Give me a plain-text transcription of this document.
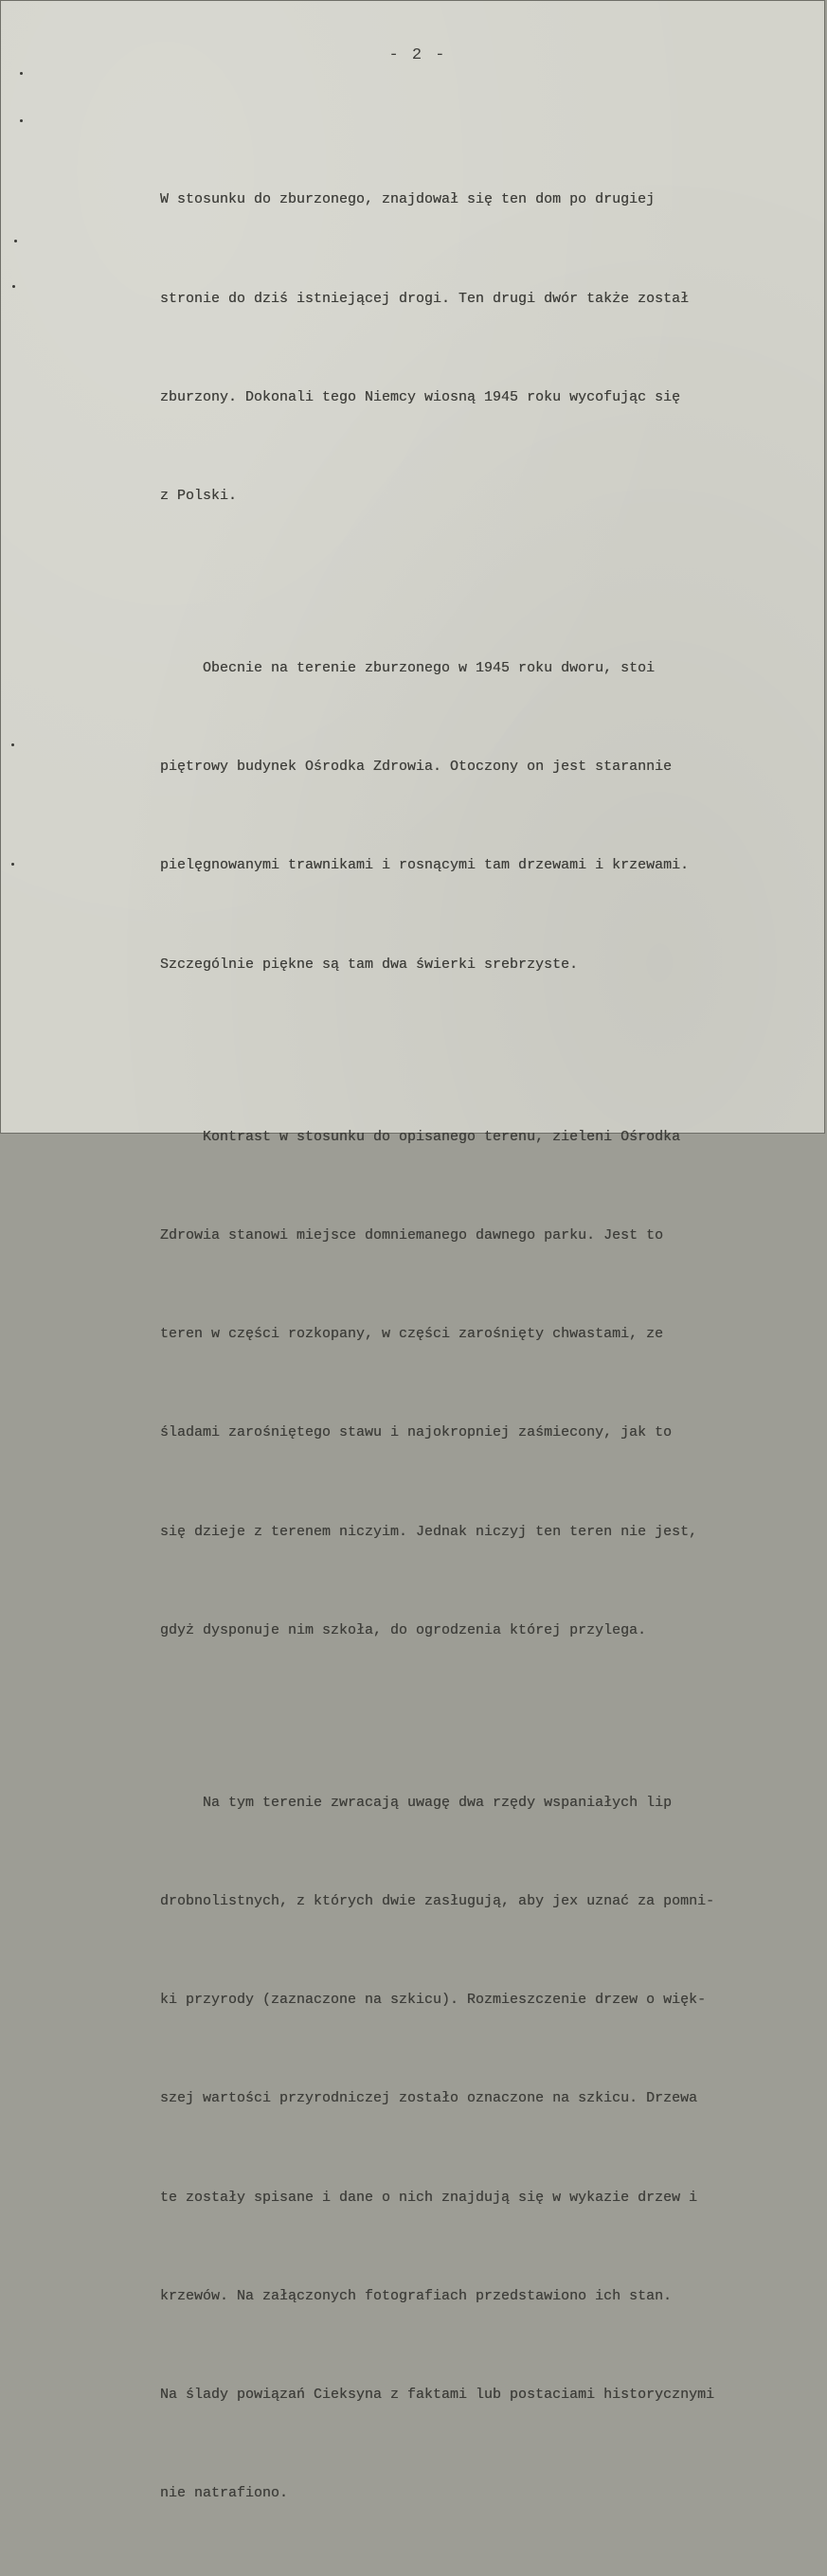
- 2 -

W stosunku do zburzonego, znajdował się ten dom po drugiej

stronie do dziś istniejącej drogi. Ten drugi dwór także został

zburzony. Dokonali tego Niemcy wiosną 1945 roku wycofując się

z Polski.

Obecnie na terenie zburzonego w 1945 roku dworu, stoi

piętrowy budynek Ośrodka Zdrowia. Otoczony on jest starannie

pielęgnowanymi trawnikami i rosnącymi tam drzewami i krzewami.

Szczególnie piękne są tam dwa świerki srebrzyste.

Kontrast w stosunku do opisanego terenu, zieleni Ośrodka

Zdrowia stanowi miejsce domniemanego dawnego parku. Jest to

teren w części rozkopany, w części zarośnięty chwastami, ze

śladami zarośniętego stawu i najokropniej zaśmiecony, jak to

się dzieje z terenem niczyim. Jednak niczyj ten teren nie jest,

gdyż dysponuje nim szkoła, do ogrodzenia której przylega.

Na tym terenie zwracają uwagę dwa rzędy wspaniałych lip

drobnolistnych, z których dwie zasługują, aby jex uznać za pomni-

ki przyrody (zaznaczone na szkicu). Rozmieszczenie drzew o więk-

szej wartości przyrodniczej zostało oznaczone na szkicu. Drzewa

te zostały spisane i dane o nich znajdują się w wykazie drzew i

krzewów. Na załączonych fotografiach przedstawiono ich stan.

Na ślady powiązań Cieksyna z faktami lub postaciami historycznymi

nie natrafiono.
